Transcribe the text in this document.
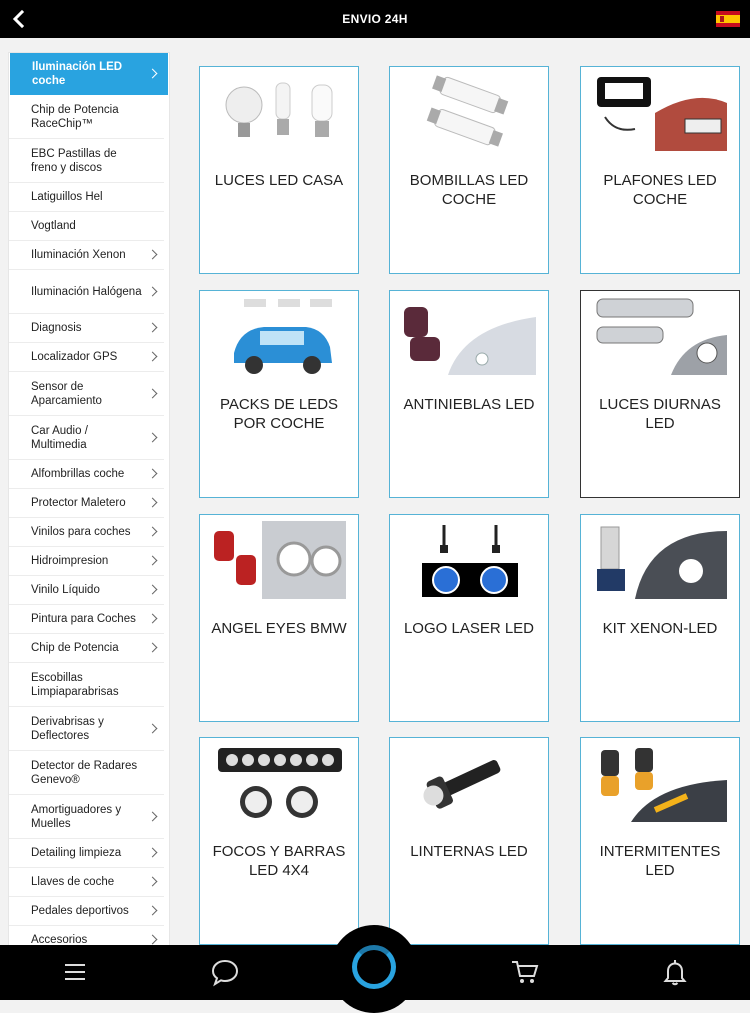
ENVIO 24H
Iluminación LED coche
Chip de Potencia RaceChip™
EBC Pastillas de freno y discos
Latiguillos Hel
Vogtland
Iluminación Xenon
Iluminación Halógena
Diagnosis
Localizador GPS
Sensor de Aparcamiento
Car Audio / Multimedia
Alfombrillas coche
Protector Maletero
Vinilos para coches
Hidroimpresion
Vinilo Líquido
Pintura para Coches
Chip de Potencia
Escobillas Limpiaparabrisas
Derivabrisas y Deflectores
Detector de Radares Genevo®
Amortiguadores y Muelles
Detailing limpieza
Llaves de coche
Pedales deportivos
Accesorios
LUCES LED CASA	BOMBILLAS LED COCHE
PLAFONES LED COCHE
PACKS DE LEDS POR COCHE
ANTINIEBLAS LED	LUCES DIURNAS LED
ANGEL EYES BMW	LOGO LASER LED	KIT XENON-LED
FOCOS Y BARRAS LED 4X4
LINTERNAS LED	INTERMITENTES LED
